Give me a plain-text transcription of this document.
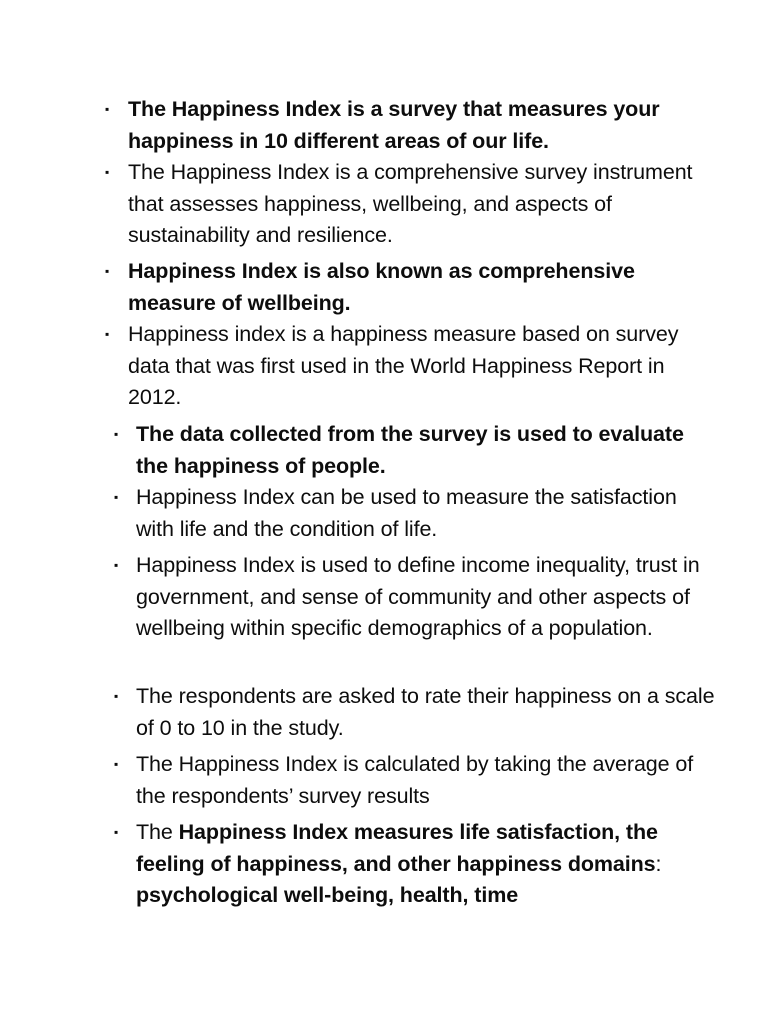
▪ The Happiness Index is a survey that measures your happiness in 10 different areas of our life.
▪ The Happiness Index is a comprehensive survey instrument that assesses happiness, wellbeing, and aspects of sustainability and resilience.
▪ Happiness Index is also known as comprehensive measure of wellbeing.
▪ Happiness index is a happiness measure based on survey data that was first used in the World Happiness Report in 2012.
▪ The data collected from the survey is used to evaluate the happiness of people.
▪ Happiness Index can be used to measure the satisfaction with life and the condition of life.
▪ Happiness Index is used to define income inequality, trust in government, and sense of community and other aspects of wellbeing within specific demographics of a population.
▪ The respondents are asked to rate their happiness on a scale of 0 to 10 in the study.
▪ The Happiness Index is calculated by taking the average of the respondents’ survey results
▪ The Happiness Index measures life satisfaction, the feeling of happiness, and other happiness domains: psychological well-being, health, time
